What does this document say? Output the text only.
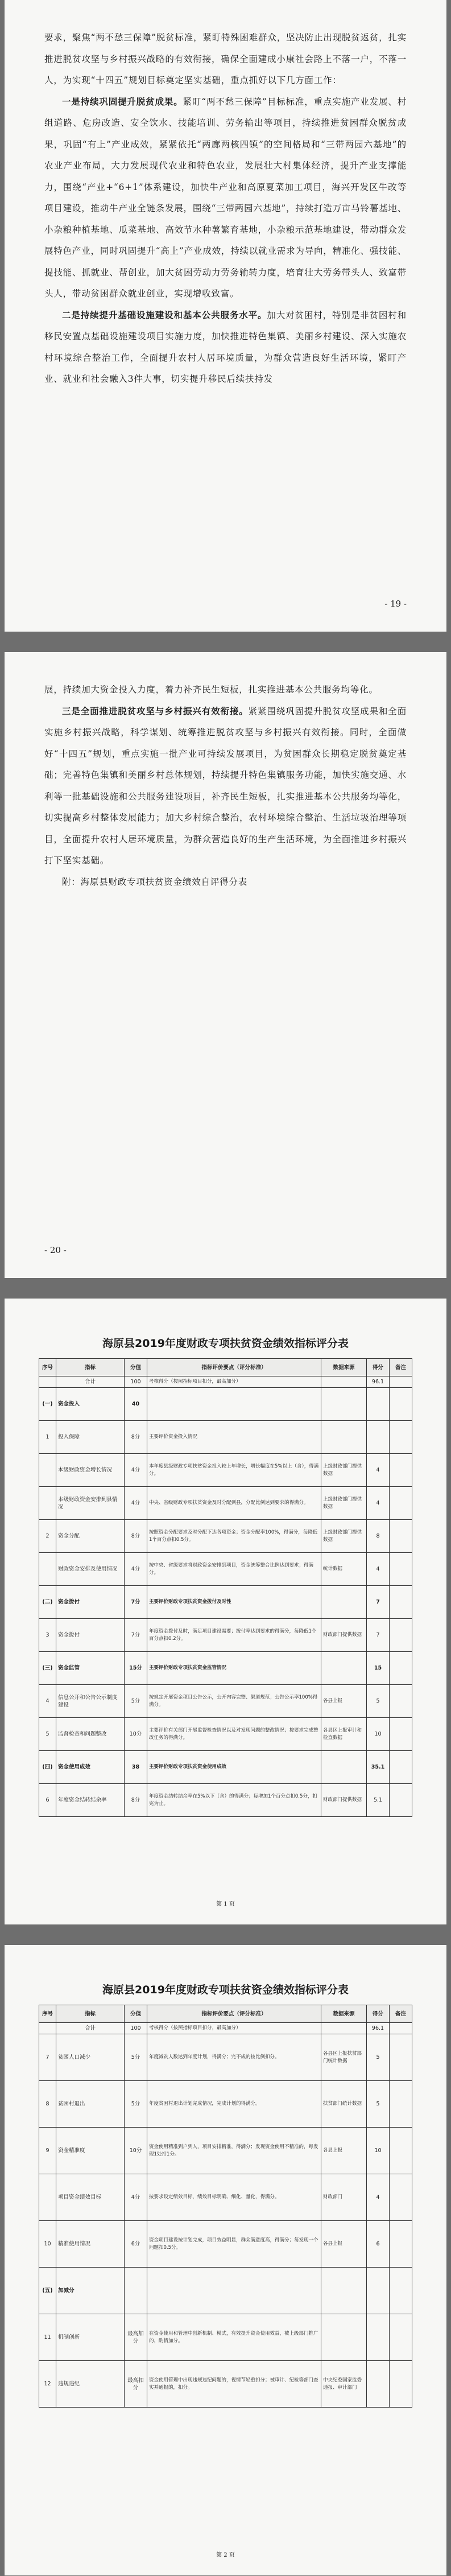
要求，聚焦“两不愁三保障”脱贫标准，紧盯特殊困难群众，坚决防止出现脱贫返贫，扎实推进脱贫攻坚与乡村振兴战略的有效衔接，确保全面建成小康社会路上不落一户，不落一人，为实现“十四五”规划目标奠定坚实基础，重点抓好以下几方面工作：

一是持续巩固提升脱贫成果。紧盯“两不愁三保障”目标标准，重点实施产业发展、村组道路、危房改造、安全饮水、技能培训、劳务输出等项目，持续推进贫困群众脱贫成果，巩固“有上”产业成效，紧紧依托“两廊两核四镇”的空间格局和“三带两园六基地”的农业产业布局，大力发展现代农业和特色农业，发展壮大村集体经济，提升产业支撑能力，围绕“产业+“6+1”体系建设，加快牛产业和高原夏菜加工项目，海兴开发区牛改等项目建设，推动牛产业全链条发展，围绕“三带两园六基地”，持续打造万亩马铃薯基地、小杂粮种植基地、瓜菜基地、高效节水种薯繁育基地，小杂粮示范基地建设，带动群众发展特色产业，同时巩固提升“高上”产业成效，持续以就业需求为导向，精准化、强技能、提技能、抓就业、帮创业，加大贫困劳动力劳务输转力度，培育壮大劳务带头人、致富带头人，带动贫困群众就业创业，实现增收致富。

二是持续提升基础设施建设和基本公共服务水平。加大对贫困村，特别是非贫困村和移民安置点基础设施建设项目实施力度，加快推进特色集镇、美丽乡村建设、深入实施农村环境综合整治工作，全面提升农村人居环境质量，为群众营造良好生活环境，紧盯产业、就业和社会融入3件大事，切实提升移民后续扶持发

- 19 -

展，持续加大资金投入力度，着力补齐民生短板，扎实推进基本公共服务均等化。

三是全面推进脱贫攻坚与乡村振兴有效衔接。紧紧围绕巩固提升脱贫攻坚成果和全面实施乡村振兴战略，科学谋划、统筹推进脱贫攻坚与乡村振兴有效衔接。同时，全面做好“十四五”规划，重点实施一批产业可持续发展项目，为贫困群众长期稳定脱贫奠定基础；完善特色集镇和美丽乡村总体规划，持续提升特色集镇服务功能，加快实施交通、水利等一批基础设施和公共服务建设项目，补齐民生短板，扎实推进基本公共服务均等化，切实提高乡村整体发展能力；加大乡村综合整治，农村环境综合整治、生活垃圾治理等项目，全面提升农村人居环境质量，为群众营造良好的生产生活环境，为全面推进乡村振兴打下坚实基础。

附：海原县财政专项扶贫资金绩效自评得分表

- 20 -
海原县2019年度财政专项扶贫资金绩效指标评分表
序号	指标	分值	指标评价要点（评分标准）	数据来源	得分	备注
	合计	100	考核得分（按照指标项目扣分，最高加分）		96.1	
(一)	资金投入	40				
1	投入保障	8分	主要评价资金投入情况			
	本级财政资金增长情况	4分	本年度县级财政专项扶贫资金投入较上年增长，增长幅度在5%以上（含），得满分。	上级财政部门提供数据	4	
	本级财政资金安排到县情况	4分	中央、省级财政专项扶贫资金及时分配到县，分配比例达到要求的得满分。	上级财政部门提供数据	4	
2	资金分配	8分	按照资金分配要求及时分配下达各项资金；资金分配率100%，得满分，每降低1个百分点扣0.5分。	上级财政部门提供数据	8	
	财政资金安排及使用情况	4分	按中央、省级要求将财政资金安排到项目，资金统筹整合比例达到要求；得满分。	统计数据	4	
(二)	资金拨付	7分	主要评价财政专项扶贫资金拨付及时性		7	
3	资金拨付	7分	年度资金拨付及时，满足项目建设需要；拨付率达到要求的得满分，每降低1个百分点扣0.2分。	财政部门提供数据	7	
(三)	资金监管	15分	主要评价财政专项扶贫资金监管情况		15	
4	信息公开和公告公示制度建设	5分	按规定开展资金项目公告公示，公开内容完整、渠道规范；公告公示率100%得满分。	各县上报	5	
5	监督检查和问题整改	10分	主要评价有关部门开展监督检查情况以及对发现问题的整改情况；按要求完成整改任务的得满分。	各县区上报审计和检查数据	10	
(四)	资金使用成效	38	主要评价财政专项扶贫资金使用成效		35.1	
6	年度资金结转结余率	8分	年度资金结转结余率在5%以下（含）的得满分；每增加1个百分点扣0.5分，扣完为止。	财政部门提供数据	5.1	
第 1 页
海原县2019年度财政专项扶贫资金绩效指标评分表
序号	指标	分值	指标评价要点（评分标准）	数据来源	得分	备注
	合计	100	考核得分（按照指标项目扣分，最高加分）		96.1	
7	贫困人口减少	5分	年度减贫人数达到年度计划，得满分；完不成的按比例扣分。	各县区上报扶贫部门统计数据	5	
8	贫困村退出	5分	年度贫困村退出计划完成情况，完成计划的得满分。	扶贫部门统计数据	5	
9	资金精准度	10分	资金使用精准到户到人，项目安排精准，得满分；发现资金使用不精准的，每发现1处扣1分。	各县上报	10	
	项目资金绩效目标	4分	按要求设定绩效目标，绩效目标明确、细化、量化，得满分。	财政部门	4	
10	精准使用情况	6分	资金项目建设按计划完成，项目效益明显，群众满意度高，得满分；每发现一个问题扣0.5分。	各县上报	6	
(五)	加减分					
11	机制创新	最高加分	在资金使用和管理中创新机制、模式，有效提升资金使用效益，被上级部门推广的，酌情加分。			
12	违规违纪	最高扣分	资金使用管理中出现违规违纪问题的，视情节轻重扣分；被审计、纪检等部门查实并通报的，扣分。	中央纪委国家监委通报、审计部门		
第 2 页
